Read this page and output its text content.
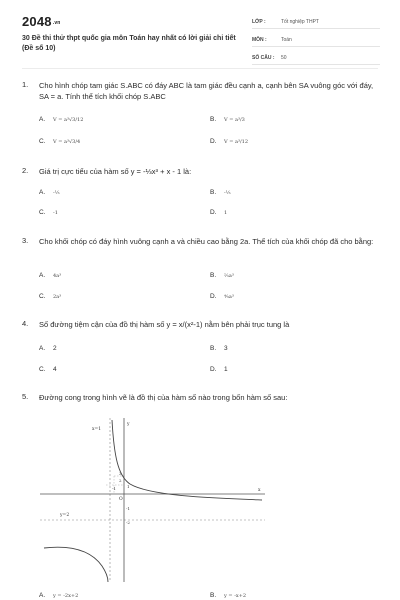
2048.vn
30 Đề thi thử thpt quốc gia môn Toán hay nhất có lời giải chi tiết (Đề số 10)
LỚP :	Tốt nghiệp THPT
MÔN :	Toán
SỐ CÂU :	50
1. Cho hình chóp tam giác S.ABC có đáy ABC là tam giác đều cạnh a, cạnh bên SA vuông góc với đáy, SA = a. Tính thể tích khối chóp S.ABC
A.	V = a³√3/12	B.	V = a³/3
C.	V = a³√3/4	D.	V = a³/12
2. Giá trị cực tiểu của hàm số y = -⅓x³ + x - 1 là:
A.	-⅓	B.	-⅓
C.	-1	D.	1
3. Cho khối chóp có đáy hình vuông cạnh a và chiều cao bằng 2a. Thể tích của khối chóp đã cho bằng:
A.	4a³	B.	⅔a³
C.	2a³	D.	⁴⁄₃a³
4. Số đường tiệm cận của đồ thị hàm số y = x/(x²-1) nằm bên phải trục tung là
A.	2	B.	3
C.	4	D.	1
5. Đường cong trong hình vẽ là đồ thị của hàm số nào trong bốn hàm số sau:
x=1
y=2
y
x
O
3
2
1
-1
-1
-2
A.	y = -2x+2	B.	y = -x+2
